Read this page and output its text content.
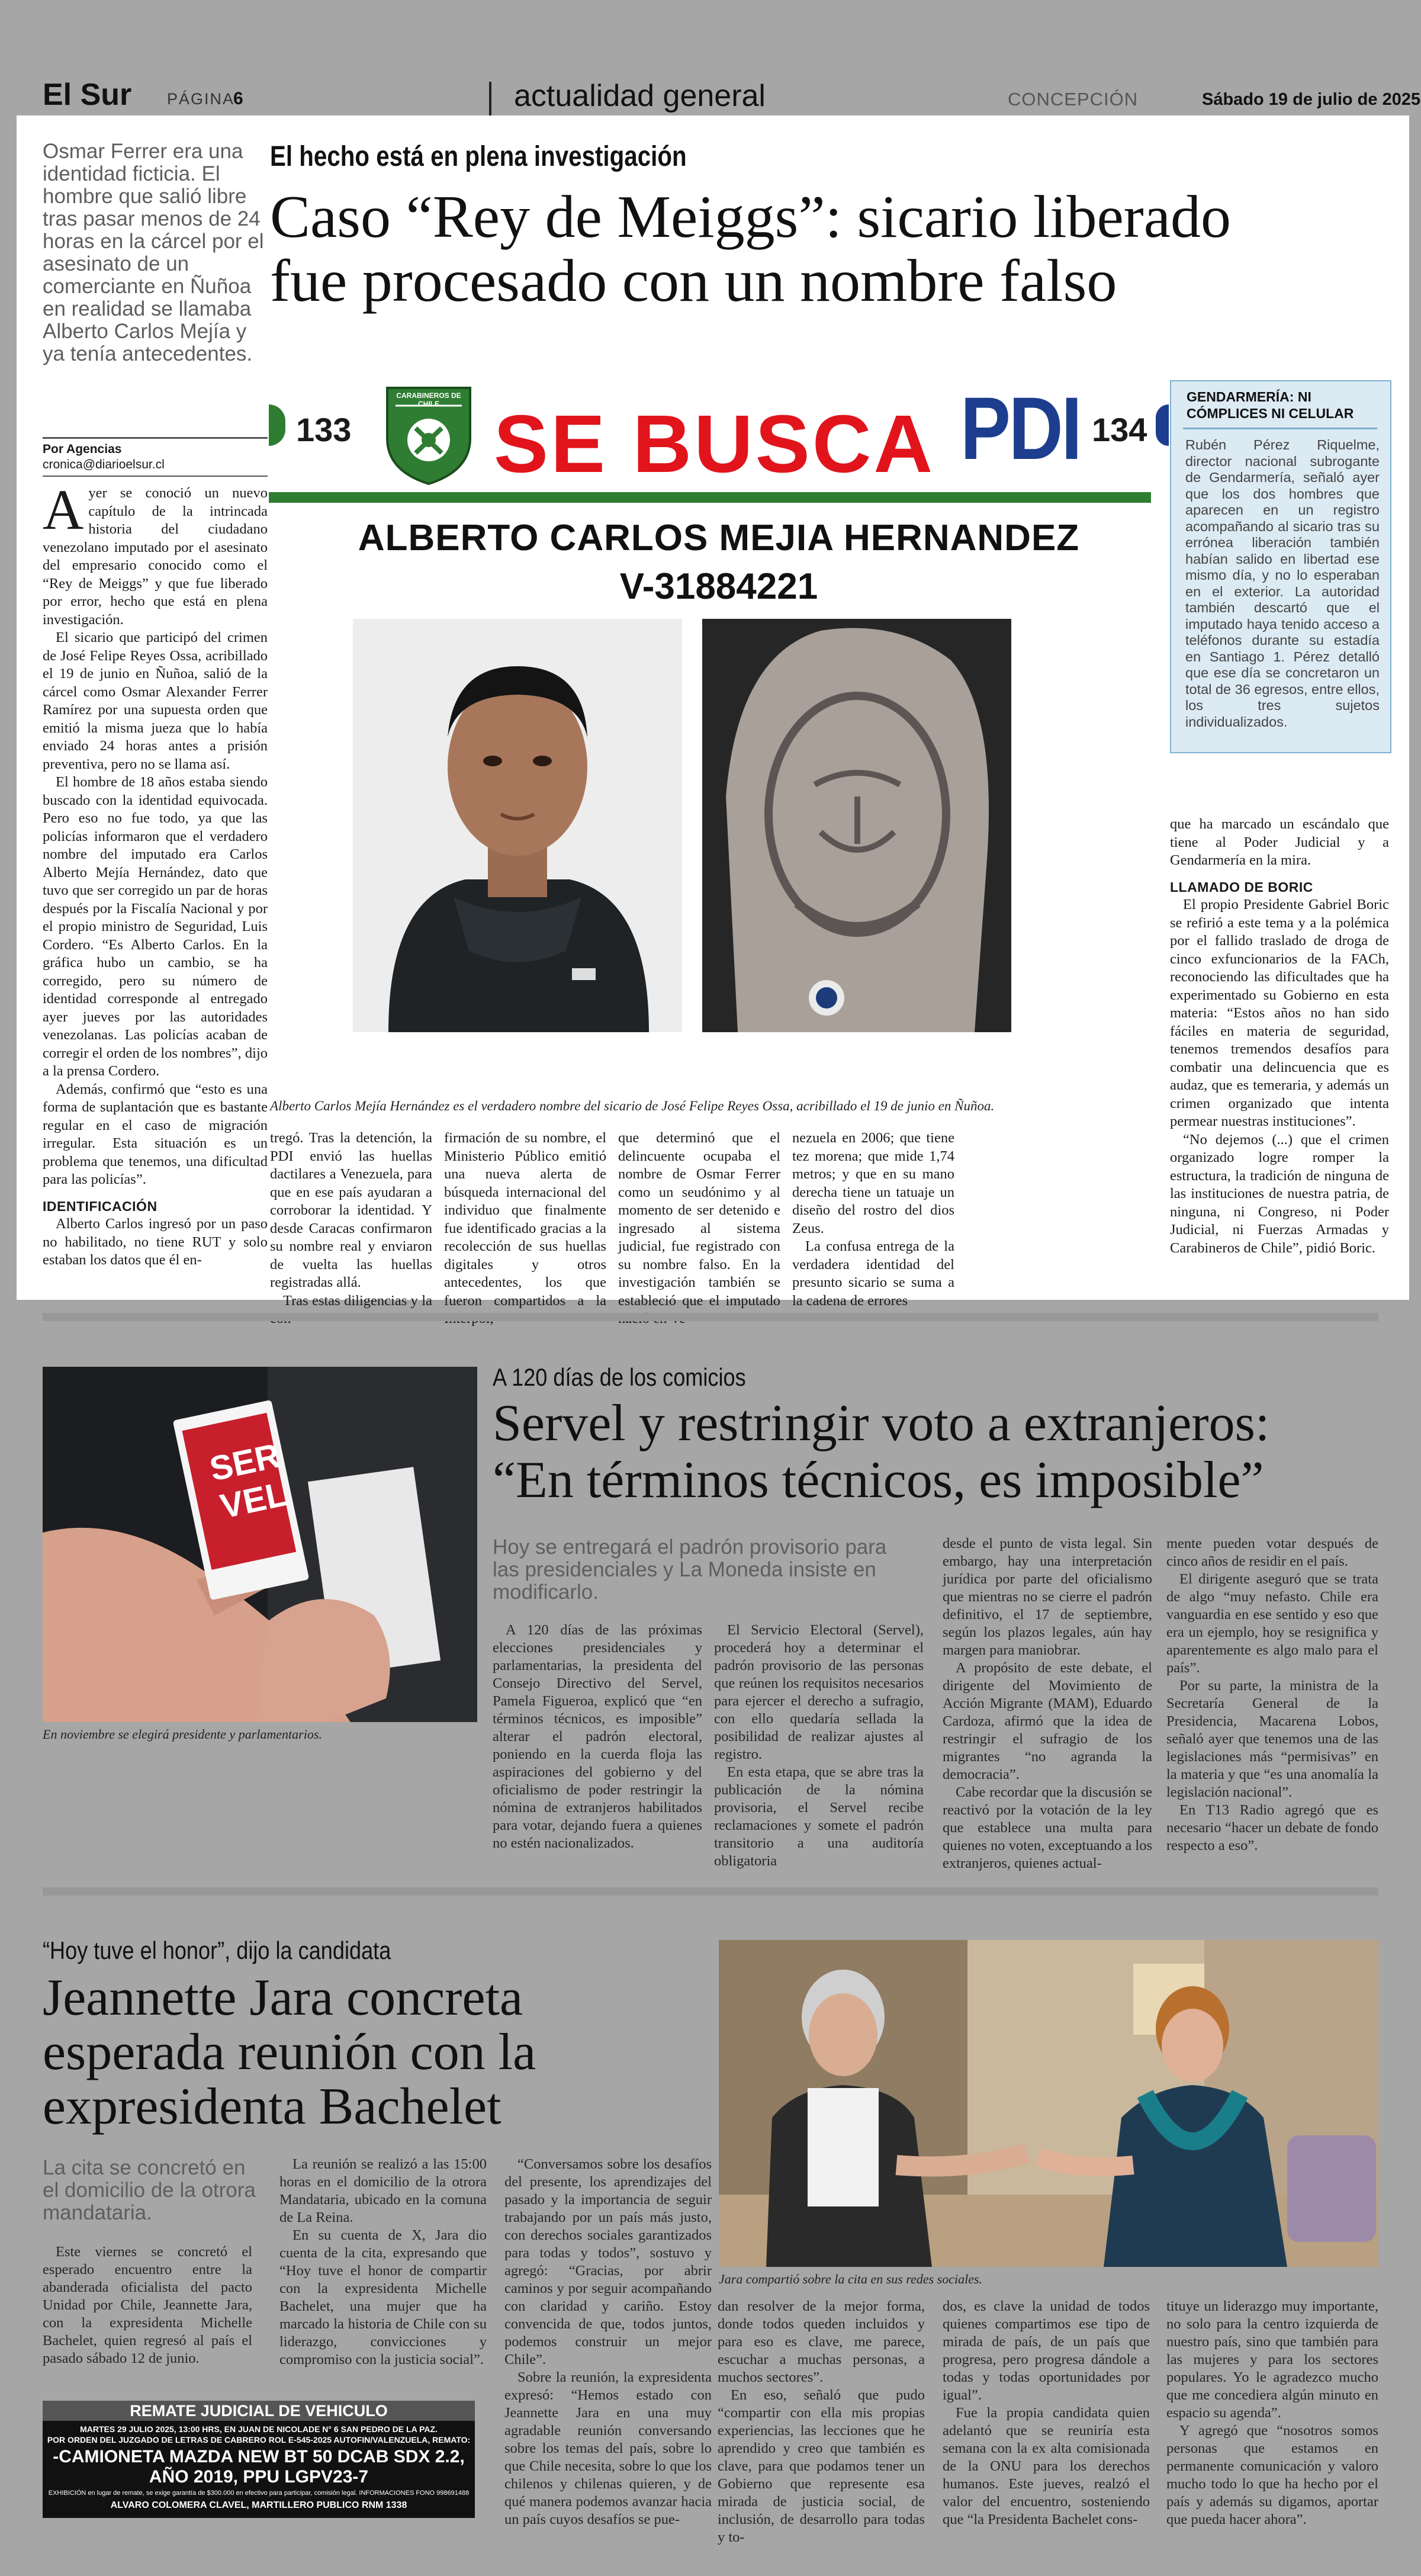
El Sur PÁGINA
6	actualidad general	CONCEPCIÓN	Sábado 19 de julio de 2025
Osmar Ferrer era una identidad ficticia. El hombre que salió libre tras pasar menos de 24 horas en la cárcel por el asesinato de un comerciante en Ñuñoa en realidad se llamaba Alberto Carlos Mejía y ya tenía antecedentes.
Por Agencias
cronica@diarioelsur.cl
A yer se conoció un nuevo capítulo de la intrincada historia del ciudadano venezolano imputado por el asesinato del empresario conocido como el “Rey de Meiggs” y que fue liberado por error, hecho que está en plena investigación.

El sicario que participó del crimen de José Felipe Reyes Ossa, acribillado el 19 de junio en Ñuñoa, salió de la cárcel como Osmar Alexander Ferrer Ramírez por una supuesta orden que emitió la misma jueza que lo había enviado 24 horas antes a prisión preventiva, pero no se llama así.

El hombre de 18 años estaba siendo buscado con la identidad equivocada. Pero eso no fue todo, ya que las policías informaron que el verdadero nombre del imputado era Carlos Alberto Mejía Hernández, dato que tuvo que ser corregido un par de horas después por la Fiscalía Nacional y por el propio ministro de Seguridad, Luis Cordero. “Es Alberto Carlos. En la gráfica hubo un cambio, se ha corregido, pero su número de identidad corresponde al entregado ayer jueves por las autoridades venezolanas. Las policías acaban de corregir el orden de los nombres”, dijo a la prensa Cordero.

Además, confirmó que “esto es una forma de suplantación que es bastante regular en el caso de migración irregular. Esta situación es un problema que tenemos, una dificultad para las policías”.

IDENTIFICACIÓN

Alberto Carlos ingresó por un paso no habilitado, no tiene RUT y solo estaban los datos que él en-

El hecho está en plena investigación
Caso “Rey de Meiggs”: sicario liberado
fue procesado con un nombre falso
133
CARABINEROS DE CHILE SE BUSCA PDI 134
ALBERTO CARLOS MEJIA HERNANDEZ
V-31884221
GENDARMERÍA: NI CÓMPLICES NI CELULAR
Rubén Pérez Riquelme, director nacional subrogante de Gendarmería, señaló ayer que los dos hombres que aparecen en un registro acompañando al sicario tras su errónea liberación también habían salido en libertad ese mismo día, y no lo esperaban en el exterior. La autoridad también descartó que el imputado haya tenido acceso a teléfonos durante su estadía en Santiago 1. Pérez detalló que ese día se concretaron un total de 36 egresos, entre ellos, los tres sujetos individualizados.

que ha marcado un escándalo que tiene al Poder Judicial y a Gendarmería en la mira.

LLAMADO DE BORIC

El propio Presidente Gabriel Boric se refirió a este tema y a la polémica por el fallido traslado de droga de cinco exfuncionarios de la FACh, reconociendo las dificultades que ha experimentado su Gobierno en esta materia: “Estos años no han sido fáciles en materia de seguridad, tenemos tremendos desafíos para combatir una delincuencia que es audaz, que es temeraria, y además un crimen organizado que intenta permear nuestras instituciones”.

“No dejemos (...) que el crimen organizado logre romper la estructura, la tradición de ninguna de las instituciones de nuestra patria, de ninguna, ni Congreso, ni Poder Judicial, ni Fuerzas Armadas y Carabineros de Chile”, pidió Boric.

Alberto Carlos Mejía Hernández es el verdadero nombre del sicario de José Felipe Reyes Ossa, acribillado el 19 de junio en Ñuñoa.

tregó. Tras la detención, la PDI envió las huellas dactilares a Venezuela, para que en ese país ayudaran a corroborar la identidad. Y desde Caracas confirmaron su nombre real y enviaron de vuelta las huellas registradas allá.

Tras estas diligencias y la

firmación de su nombre, el Ministerio Público emitió una nueva alerta de búsqueda internacional del individuo que finalmente fue identificado gracias a la recolección de sus huellas digitales y otros antecedentes, los que fueron compartidos a la

que determinó que el delincuente ocupaba el nombre de Osmar Ferrer como un seudónimo y al momento de ser detenido e ingresado al sistema judicial, fue registrado con su nombre falso. En la investigación también se estableció que el imputado

nezuela en 2006; que tiene tez morena; que mide 1,74 metros; y que en su mano derecha tiene un tatuaje un diseño del rostro del dios Zeus.

La confusa entrega de la verdadera identidad del presunto sicario se suma a la cadena de errores

SER
VEL
En noviembre se elegirá presidente y parlamentarios.
A 120 días de los comicios
Servel y restringir voto a extranjeros:
“En términos técnicos, es imposible”
Hoy se entregará el padrón provisorio para las presidenciales y La Moneda insiste en modificarlo.

A 120 días de las próximas elecciones presidenciales y parlamentarias, la presidenta del Consejo Directivo del Servel, Pamela Figueroa, explicó que “en términos técnicos, es imposible” alterar el padrón electoral, poniendo en la cuerda floja las aspiraciones del gobierno y del oficialismo de poder restringir la nómina de extranjeros habilitados para votar, dejando fuera a quienes no estén nacionalizados.

El Servicio Electoral (Servel), procederá hoy a determinar el padrón provisorio de las personas que reúnen los requisitos necesarios para ejercer el derecho a sufragio, con ello quedaría sellada la posibilidad de realizar ajustes al registro.

En esta etapa, que se abre tras la publicación de la nómina provisoria, el Servel recibe reclamaciones y somete el padrón transitorio a una auditoría obligatoria

desde el punto de vista legal. Sin embargo, hay una interpretación jurídica por parte del oficialismo que mientras no se cierre el padrón definitivo, el 17 de septiembre, según los plazos legales, aún hay margen para maniobrar.

A propósito de este debate, el dirigente del Movimiento de Acción Migrante (MAM), Eduardo Cardoza, afirmó que la idea de restringir el sufragio de los migrantes “no agranda la democracia”.

Cabe recordar que la discusión se reactivó por la votación de la ley que establece una multa para quienes no voten, exceptuando a los extranjeros, quienes actual-

mente pueden votar después de cinco años de residir en el país.

El dirigente aseguró que se trata de algo “muy nefasto. Chile era vanguardia en ese sentido y eso que era un ejemplo, hoy se resignifica y aparentemente es algo malo para el país”.

Por su parte, la ministra de la Secretaría General de la Presidencia, Macarena Lobos, señaló ayer que tenemos una de las legislaciones más “permisivas” en la materia y que “es una anomalía la legislación nacional”.

En T13 Radio agregó que es necesario “hacer un debate de fondo respecto a eso”.

“Hoy tuve el honor”, dijo la candidata
Jeannette Jara concreta
esperada reunión con la
expresidenta Bachelet
La cita se concretó en el domicilio de la otrora mandataria.

Este viernes se concretó el esperado encuentro entre la abanderada oficialista del pacto Unidad por Chile, Jeannette Jara, con la expresidenta Michelle Bachelet, quien regresó al país el pasado sábado 12 de junio.

REMATE JUDICIAL DE VEHICULO
MARTES 29 JULIO 2025, 13:00 HRS, EN JUAN DE NICOLADE N° 6 SAN PEDRO DE LA PAZ.
POR ORDEN DEL JUZGADO DE LETRAS DE CABRERO ROL E-545-2025 AUTOFIN/VALENZUELA, REMATO:
-CAMIONETA MAZDA NEW BT 50 DCAB SDX 2.2,
AÑO 2019, PPU LGPV23-7
EXHIBICIÓN en lugar de remate, se exige garantía de $300.000 en efectivo para participar, comisión legal. INFORMACIONES FONO 998691488
ALVARO COLOMERA CLAVEL, MARTILLERO PUBLICO RNM 1338

La reunión se realizó a las 15:00 horas en el domicilio de la otrora Mandataria, ubicado en la comuna de La Reina.

En su cuenta de X, Jara dio cuenta de la cita, expresando que “Hoy tuve el honor de compartir con la expresidenta Michelle Bachelet, una mujer que ha marcado la historia de Chile con su liderazgo, convicciones y compromiso con la justicia social”.

“Conversamos sobre los desafíos del presente, los aprendizajes del pasado y la importancia de seguir trabajando por un país más justo, con derechos sociales garantizados para todas y todos”, sostuvo y agregó: “Gracias, por abrir caminos y por seguir acompañando con claridad y cariño. Estoy convencida de que, todos juntos, podemos construir un mejor Chile”.

Sobre la reunión, la expresidenta expresó: “Hemos estado con Jeannette Jara en una muy agradable reunión conversando sobre los temas del país, sobre lo que Chile necesita, sobre lo que los chilenos y chilenas quieren, y de qué manera podemos avanzar hacia un país cuyos desafíos se pue-

Jara compartió sobre la cita en sus redes sociales.

dan resolver de la mejor forma, donde todos queden incluidos y para eso es clave, me parece, escuchar a muchas personas, a muchos sectores”.

En eso, señaló que pudo “compartir con ella mis propias experiencias, las lecciones que he aprendido y creo que también es clave, para que podamos tener un Gobierno que represente esa mirada de justicia social, de inclusión, de desarrollo para todas y to-

dos, es clave la unidad de todos quienes compartimos ese tipo de mirada de país, de un país que progresa, pero progresa dándole a todas y todas oportunidades por igual”.

Fue la propia candidata quien adelantó que se reuniría esta semana con la ex alta comisionada de la ONU para los derechos humanos. Este jueves, realzó el valor del encuentro, sosteniendo que “la Presidenta Bachelet cons-

tituye un liderazgo muy importante, no solo para la centro izquierda de nuestro país, sino que también para las mujeres y para los sectores populares. Yo le agradezco mucho que me concediera algún minuto en espacio su agenda”.

Y agregó que “nosotros somos personas que estamos en permanente comunicación y valoro mucho todo lo que ha hecho por el país y además su digamos, aportar que pueda hacer ahora”.
